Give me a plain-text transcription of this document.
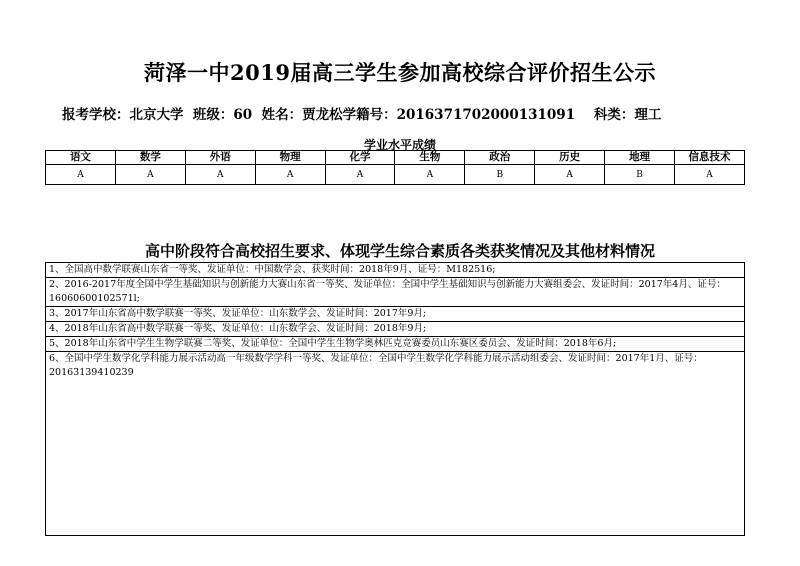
菏泽一中2019届高三学生参加高校综合评价招生公示
报考学校：北京大学 班级：60 姓名：贾龙松学籍号：2016371702000131091 科类：理工
学业水平成绩
语文	数学	外语	物理	化学	生物	政治	历史	地理	信息技术
A	A	A	A	A	A	B	A	B	A
高中阶段符合高校招生要求、体现学生综合素质各类获奖情况及其他材料情况
1、全国高中数学联赛山东省一等奖、发证单位：中国数学会、获奖时间：2018年9月、证号：M182516;
2、2016-2017年度全国中学生基础知识与创新能力大赛山东省一等奖、发证单位：全国中学生基础知识与创新能力大赛组委会、发证时间：2017年4月、证号：16060600102571l;
3、2017年山东省高中数学联赛一等奖、发证单位：山东数学会、发证时间：2017年9月;
4、2018年山东省高中数学联赛一等奖、发证单位：山东数学会、发证时间：2018年9月;
5、2018年山东省中学生生物学联赛二等奖、发证单位：全国中学生生物学奥林匹克竞赛委员山东赛区委员会、发证时间：2018年6月;
6、全国中学生数学化学科能力展示活动高一年级数学学科一等奖、发证单位：全国中学生数学化学科能力展示活动组委会、发证时间：2017年1月、证号：20163139410239
